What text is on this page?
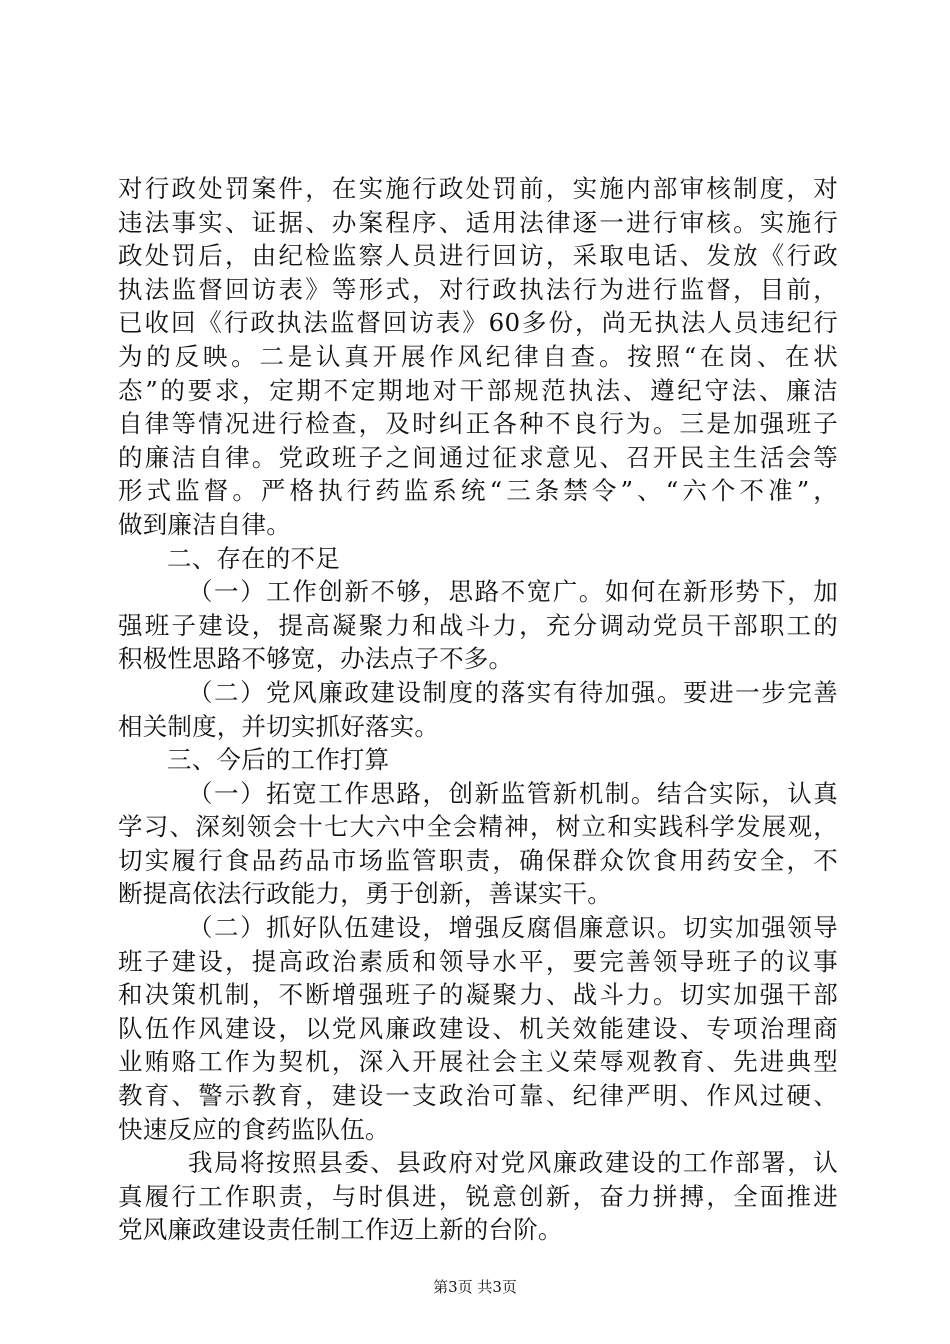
对行政处罚案件，在实施行政处罚前，实施内部审核制度，对
违法事实、证据、办案程序、适用法律逐一进行审核。实施行
政处罚后，由纪检监察人员进行回访，采取电话、发放《行政
执法监督回访表》等形式，对行政执法行为进行监督，目前，
已收回《行政执法监督回访表》60多份，尚无执法人员违纪行
为的反映。二是认真开展作风纪律自查。按照“在岗、在状
态”的要求，定期不定期地对干部规范执法、遵纪守法、廉洁
自律等情况进行检查，及时纠正各种不良行为。三是加强班子
的廉洁自律。党政班子之间通过征求意见、召开民主生活会等
形式监督。严格执行药监系统“三条禁令”、“六个不准”，
做到廉洁自律。
二、存在的不足
（一）工作创新不够，思路不宽广。如何在新形势下，加
强班子建设，提高凝聚力和战斗力，充分调动党员干部职工的
积极性思路不够宽，办法点子不多。
（二）党风廉政建设制度的落实有待加强。要进一步完善
相关制度，并切实抓好落实。
三、今后的工作打算
（一）拓宽工作思路，创新监管新机制。结合实际，认真
学习、深刻领会十七大六中全会精神，树立和实践科学发展观，
切实履行食品药品市场监管职责，确保群众饮食用药安全，不
断提高依法行政能力，勇于创新，善谋实干。
（二）抓好队伍建设，增强反腐倡廉意识。切实加强领导
班子建设，提高政治素质和领导水平，要完善领导班子的议事
和决策机制，不断增强班子的凝聚力、战斗力。切实加强干部
队伍作风建设，以党风廉政建设、机关效能建设、专项治理商
业贿赂工作为契机，深入开展社会主义荣辱观教育、先进典型
教育、警示教育，建设一支政治可靠、纪律严明、作风过硬、
快速反应的食药监队伍。
我局将按照县委、县政府对党风廉政建设的工作部署，认
真履行工作职责，与时俱进，锐意创新，奋力拼搏，全面推进
党风廉政建设责任制工作迈上新的台阶。
第3页 共3页
